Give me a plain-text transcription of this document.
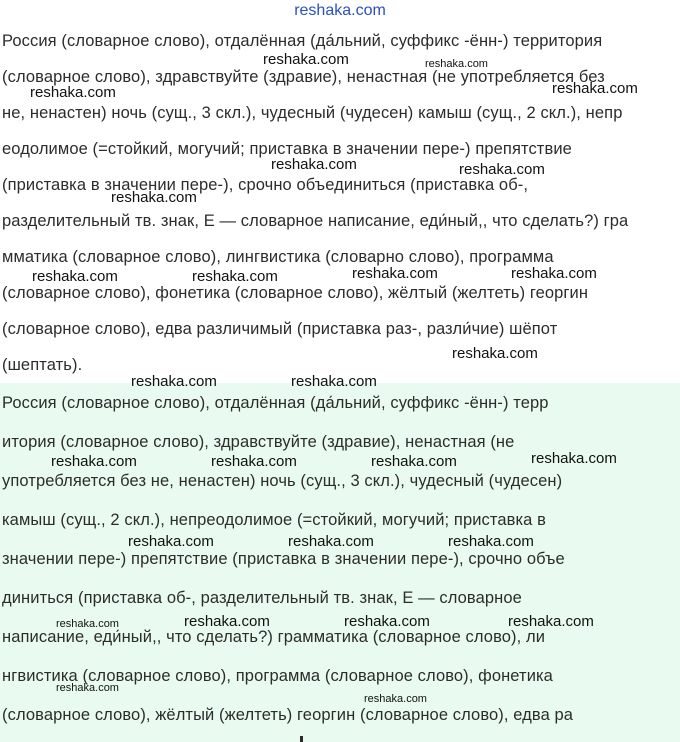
reshaka.com
Россия (словарное слово), отдалённая (да́льний, суффикс -ённ-) территория
(словарное слово), здравствуйте (здравие), ненастная (не употребляется без
не, ненастен) ночь (сущ., 3 скл.), чудесный (чудесен) камыш (сущ., 2 скл.), непр
еодолимое (=стойкий, могучий; приставка в значении пере-) препятствие
(приставка в значении пере-), срочно объединиться (приставка об-,
разделительный тв. знак, Е — словарное написание, еди́ный,, что сделать?) гра
мматика (словарное слово), лингвистика (словарно слово), программа
(словарное слово), фонетика (словарное слово), жёлтый (желтеть) георгин
(словарное слово), едва различимый (приставка раз-, разли́чие) шёпот
(шептать).
Россия (словарное слово), отдалённая (да́льний, суффикс -ённ-) терр
итория (словарное слово), здравствуйте (здравие), ненастная (не
употребляется без не, ненастен) ночь (сущ., 3 скл.), чудесный (чудесен)
камыш (сущ., 2 скл.), непреодолимое (=стойкий, могучий; приставка в
значении пере-) препятствие (приставка в значении пере-), срочно объе
диниться (приставка об-, разделительный тв. знак, Е — словарное
написание, еди́ный,, что сделать?) грамматика (словарное слово), ли
нгвистика (словарное слово), программа (словарное слово), фонетика
(словарное слово), жёлтый (желтеть) георгин (словарное слово), едва ра
reshaka.com	reshaka.com
reshaka.com	reshaka.com
reshaka.com	reshaka.com
reshaka.com
reshaka.com	reshaka.com	reshaka.com	reshaka.com
reshaka.com
reshaka.com	reshaka.com
reshaka.com	reshaka.com	reshaka.com	reshaka.com
reshaka.com	reshaka.com	reshaka.com
reshaka.com	reshaka.com	reshaka.com	reshaka.com
reshaka.com
reshaka.com
